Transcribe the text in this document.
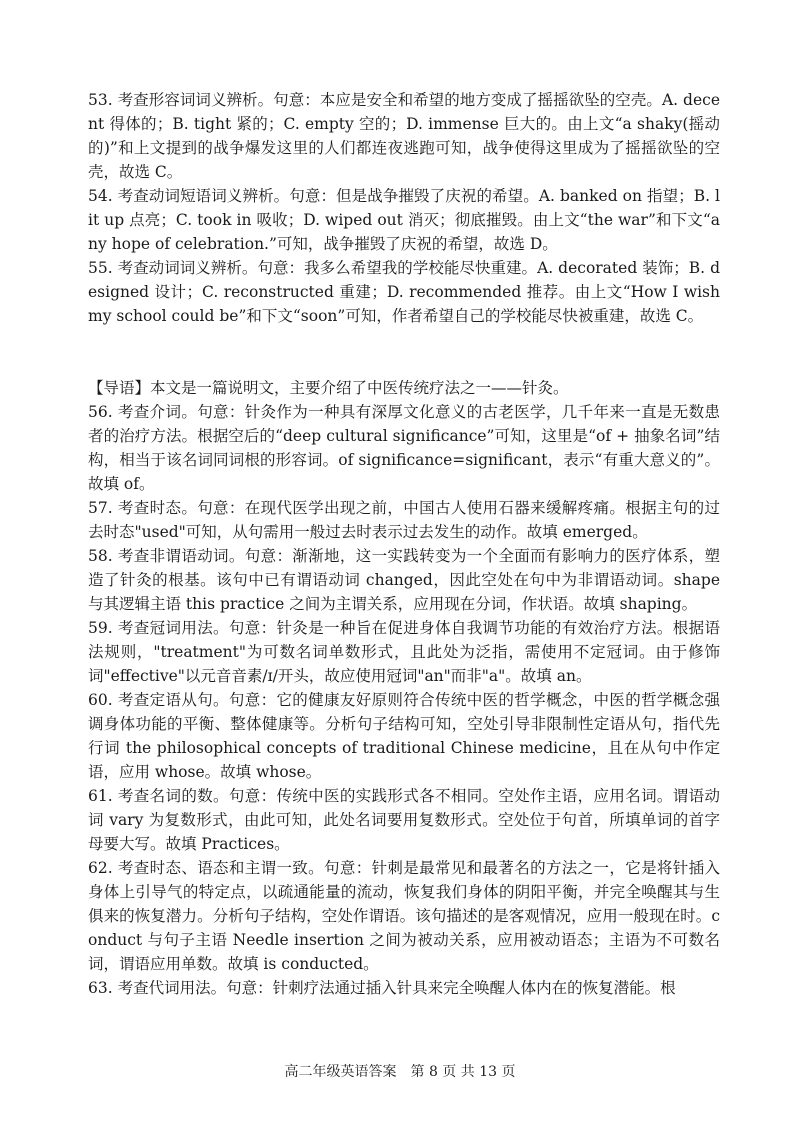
53. 考查形容词词义辨析。句意：本应是安全和希望的地方变成了摇摇欲坠的空壳。A. decent 得体的；B. tight 紧的；C. empty 空的；D. immense 巨大的。由上文“a shaky(摇动的)”和上文提到的战争爆发这里的人们都连夜逃跑可知，战争使得这里成为了摇摇欲坠的空壳，故选 C。

54. 考查动词短语词义辨析。句意：但是战争摧毁了庆祝的希望。A. banked on 指望；B. lit up 点亮；C. took in 吸收；D. wiped out 消灭；彻底摧毁。由上文“the war”和下文“any hope of celebration.”可知，战争摧毁了庆祝的希望，故选 D。

55. 考查动词词义辨析。句意：我多么希望我的学校能尽快重建。A. decorated 装饰；B. designed 设计；C. reconstructed 重建；D. recommended 推荐。由上文“How I wish my school could be”和下文“soon”可知，作者希望自己的学校能尽快被重建，故选 C。

【导语】本文是一篇说明文，主要介绍了中医传统疗法之一——针灸。

56. 考查介词。句意：针灸作为一种具有深厚文化意义的古老医学，几千年来一直是无数患者的治疗方法。根据空后的“deep cultural significance”可知，这里是“of + 抽象名词”结构，相当于该名词同词根的形容词。of significance=significant，表示“有重大意义的”。故填 of。

57. 考查时态。句意：在现代医学出现之前，中国古人使用石器来缓解疼痛。根据主句的过去时态"used"可知，从句需用一般过去时表示过去发生的动作。故填 emerged。

58. 考查非谓语动词。句意：渐渐地，这一实践转变为一个全面而有影响力的医疗体系，塑造了针灸的根基。该句中已有谓语动词 changed，因此空处在句中为非谓语动词。shape 与其逻辑主语 this practice 之间为主谓关系，应用现在分词，作状语。故填 shaping。

59. 考查冠词用法。句意：针灸是一种旨在促进身体自我调节功能的有效治疗方法。根据语法规则，"treatment"为可数名词单数形式，且此处为泛指，需使用不定冠词。由于修饰词"effective"以元音音素/ɪ/开头，故应使用冠词"an"而非"a"。故填 an。

60. 考查定语从句。句意：它的健康友好原则符合传统中医的哲学概念，中医的哲学概念强调身体功能的平衡、整体健康等。分析句子结构可知，空处引导非限制性定语从句，指代先行词 the philosophical concepts of traditional Chinese medicine，且在从句中作定语，应用 whose。故填 whose。

61. 考查名词的数。句意：传统中医的实践形式各不相同。空处作主语，应用名词。谓语动词 vary 为复数形式，由此可知，此处名词要用复数形式。空处位于句首，所填单词的首字母要大写。故填 Practices。

62. 考查时态、语态和主谓一致。句意：针刺是最常见和最著名的方法之一，它是将针插入身体上引导气的特定点，以疏通能量的流动，恢复我们身体的阴阳平衡，并完全唤醒其与生俱来的恢复潜力。分析句子结构，空处作谓语。该句描述的是客观情况，应用一般现在时。conduct 与句子主语 Needle insertion 之间为被动关系，应用被动语态；主语为不可数名词，谓语应用单数。故填 is conducted。

63. 考查代词用法。句意：针刺疗法通过插入针具来完全唤醒人体内在的恢复潜能。根

高二年级英语答案　第 8 页 共 13 页
